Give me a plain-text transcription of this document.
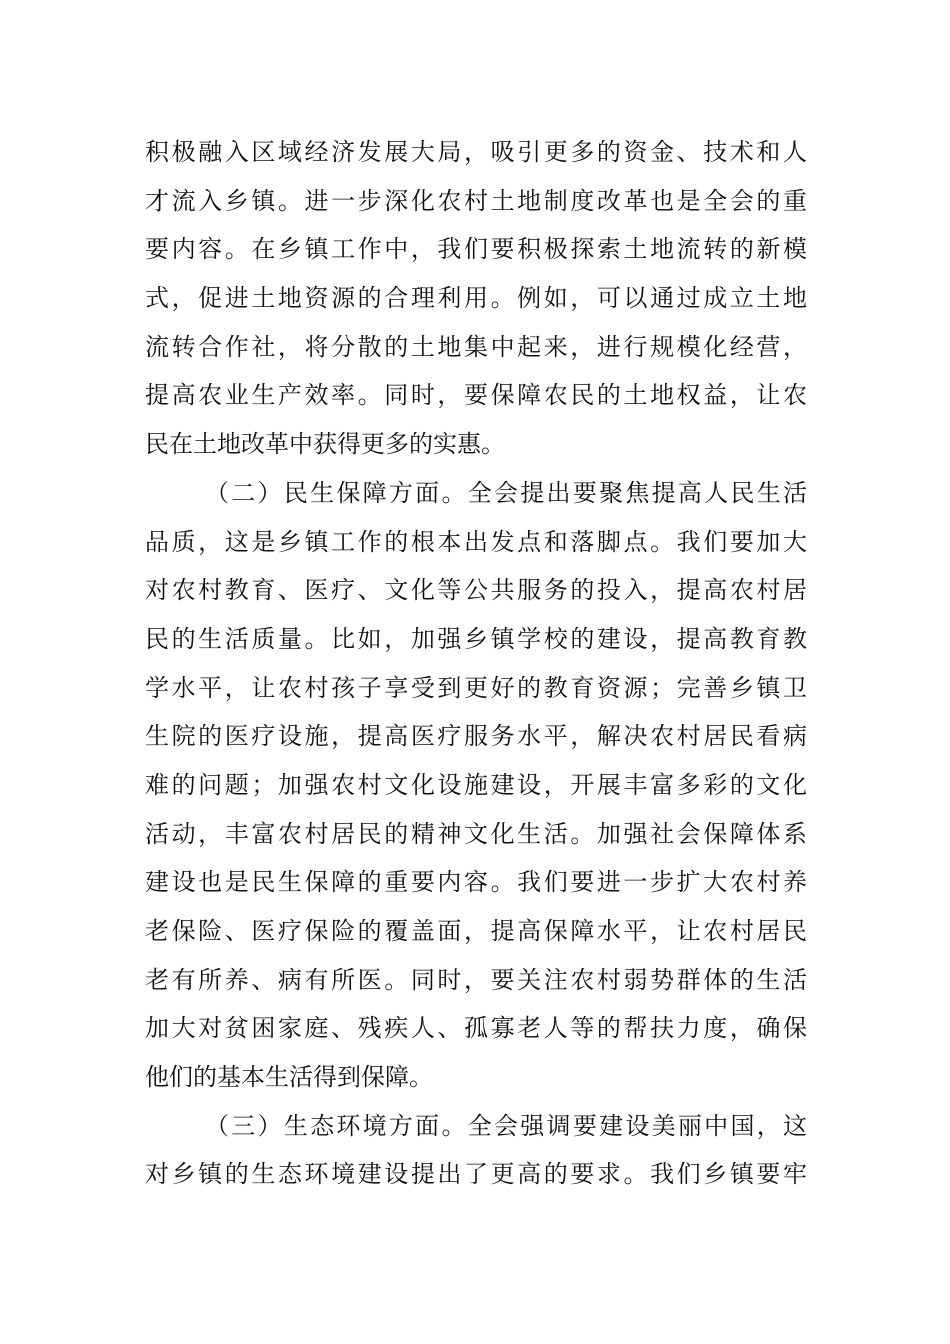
积极融入区域经济发展大局，吸引更多的资金、技术和人
才流入乡镇。进一步深化农村土地制度改革也是全会的重
要内容。在乡镇工作中，我们要积极探索土地流转的新模
式，促进土地资源的合理利用。例如，可以通过成立土地
流转合作社，将分散的土地集中起来，进行规模化经营，
提高农业生产效率。同时，要保障农民的土地权益，让农
民在土地改革中获得更多的实惠。
（二）民生保障方面。全会提出要聚焦提高人民生活
品质，这是乡镇工作的根本出发点和落脚点。我们要加大
对农村教育、医疗、文化等公共服务的投入，提高农村居
民的生活质量。比如，加强乡镇学校的建设，提高教育教
学水平，让农村孩子享受到更好的教育资源；完善乡镇卫
生院的医疗设施，提高医疗服务水平，解决农村居民看病
难的问题；加强农村文化设施建设，开展丰富多彩的文化
活动，丰富农村居民的精神文化生活。加强社会保障体系
建设也是民生保障的重要内容。我们要进一步扩大农村养
老保险、医疗保险的覆盖面，提高保障水平，让农村居民
老有所养、病有所医。同时，要关注农村弱势群体的生活
加大对贫困家庭、残疾人、孤寡老人等的帮扶力度，确保
他们的基本生活得到保障。
（三）生态环境方面。全会强调要建设美丽中国，这
对乡镇的生态环境建设提出了更高的要求。我们乡镇要牢
